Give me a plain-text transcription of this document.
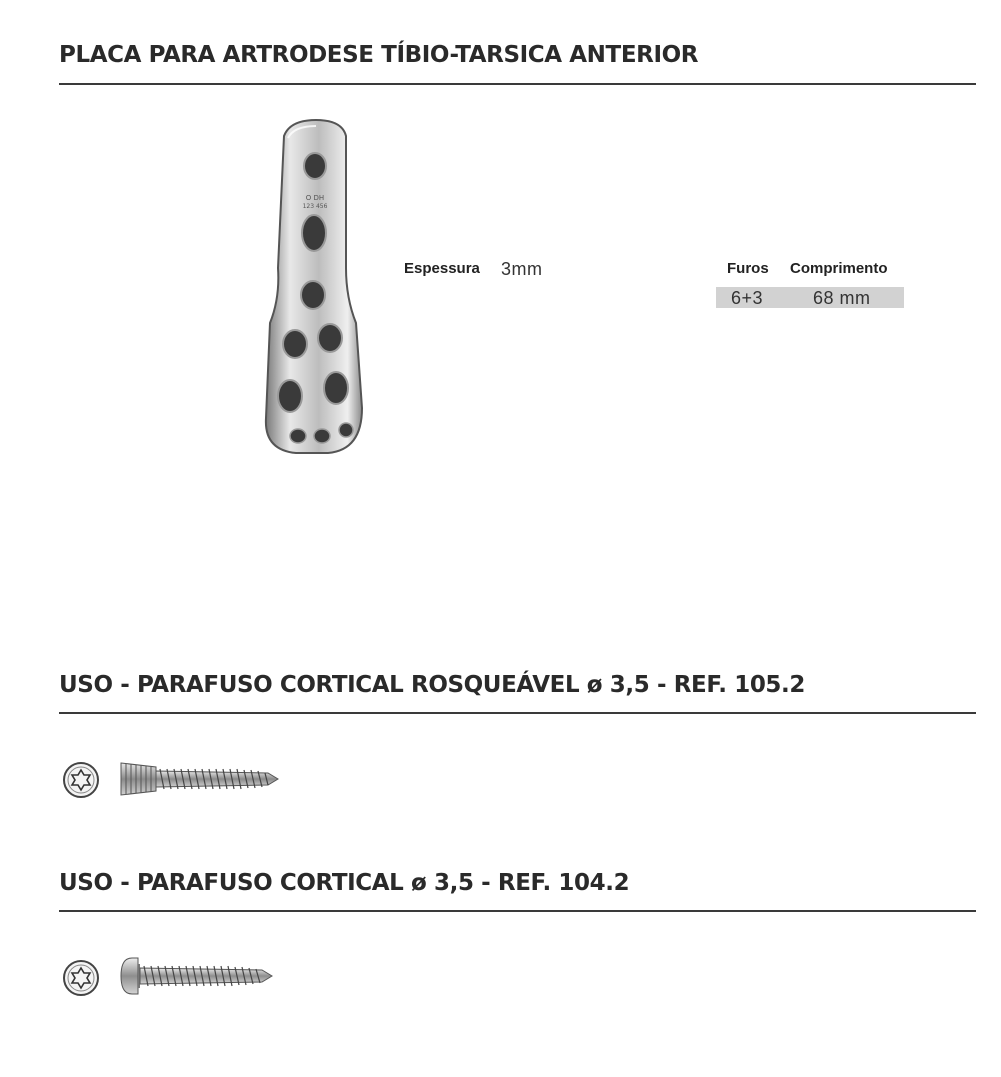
PLACA PARA ARTRODESE TÍBIO-TARSICA ANTERIOR
O DH
123 456
Espessura 3mm	Furos Comprimento
6+3	68 mm
USO - PARAFUSO CORTICAL ROSQUEÁVEL ø 3,5 - REF. 105.2
USO - PARAFUSO CORTICAL ø 3,5 - REF. 104.2
